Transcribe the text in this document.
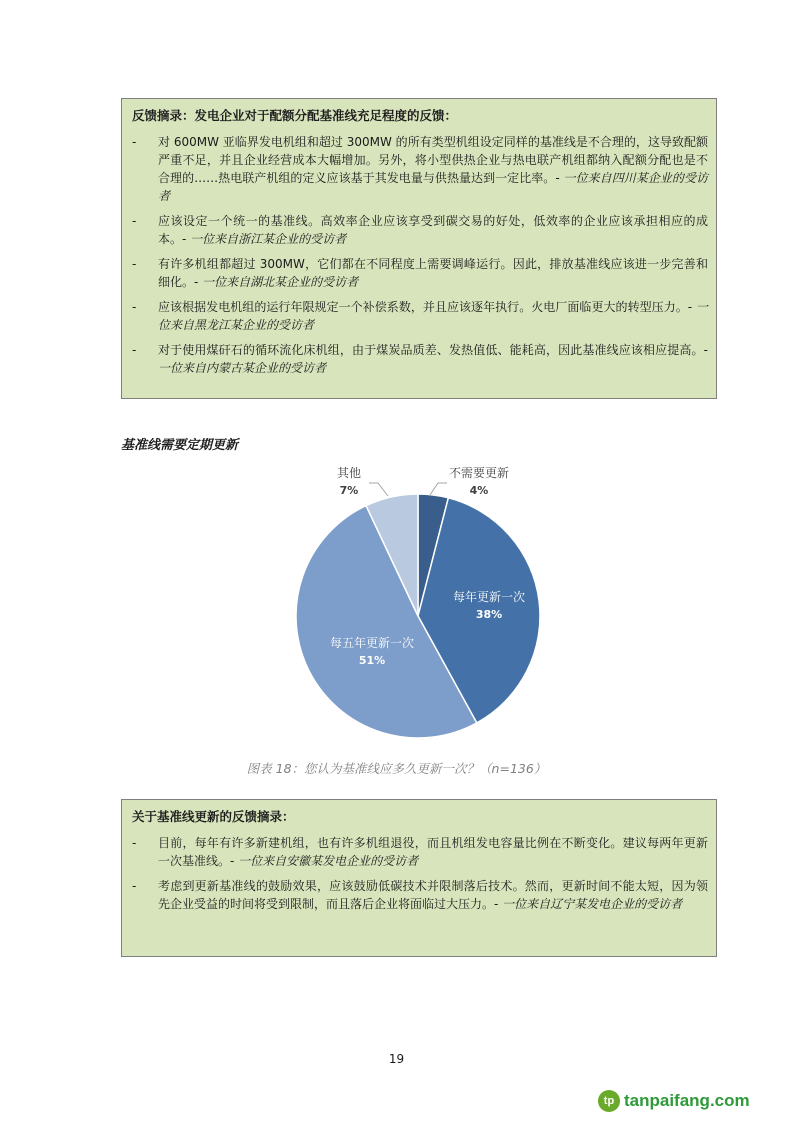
反馈摘录：发电企业对于配额分配基准线充足程度的反馈：
-	对 600MW 亚临界发电机组和超过 300MW 的所有类型机组设定同样的基准线是不合理的，这导致配额严重不足，并且企业经营成本大幅增加。另外，将小型供热企业与热电联产机组都纳入配额分配也是不合理的……热电联产机组的定义应该基于其发电量与供热量达到一定比率。- 一位来自四川某企业的受访者
-	应该设定一个统一的基准线。高效率企业应该享受到碳交易的好处，低效率的企业应该承担相应的成本。- 一位来自浙江某企业的受访者
-	有许多机组都超过 300MW，它们都在不同程度上需要调峰运行。因此，排放基准线应该进一步完善和细化。- 一位来自湖北某企业的受访者
-	应该根据发电机组的运行年限规定一个补偿系数，并且应该逐年执行。火电厂面临更大的转型压力。- 一位来自黑龙江某企业的受访者
-	对于使用煤矸石的循环流化床机组，由于煤炭品质差、发热值低、能耗高，因此基准线应该相应提高。- 一位来自内蒙古某企业的受访者
基准线需要定期更新
不需要更新
4%
每年更新一次
38%
每五年更新一次
51%
其他
7%
图表 18：您认为基准线应多久更新一次？（n=136）
关于基准线更新的反馈摘录：
-	目前，每年有许多新建机组，也有许多机组退役，而且机组发电容量比例在不断变化。建议每两年更新一次基准线。- 一位来自安徽某发电企业的受访者
-	考虑到更新基准线的鼓励效果，应该鼓励低碳技术并限制落后技术。然而，更新时间不能太短，因为领先企业受益的时间将受到限制，而且落后企业将面临过大压力。- 一位来自辽宁某发电企业的受访者
19
tp tanpaifang.com
